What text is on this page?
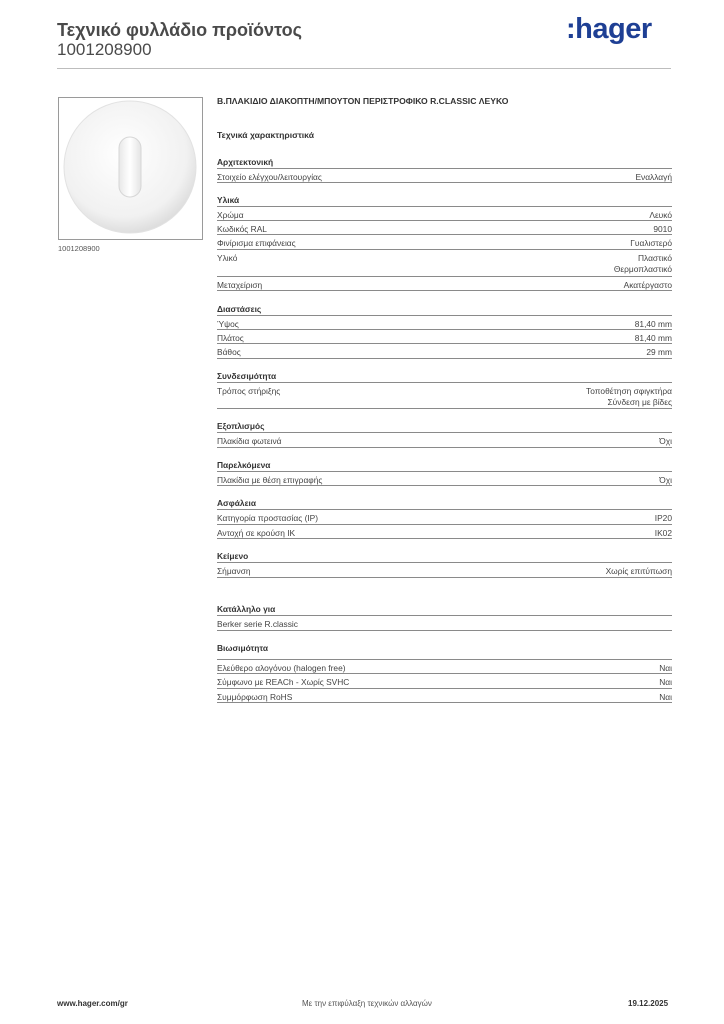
Τεχνικό φυλλάδιο προϊόντος
1001208900
:hager
1001208900
Β.ΠΛΑΚΙΔΙΟ ΔΙΑΚΟΠΤΗ/ΜΠΟΥΤΟΝ ΠΕΡΙΣΤΡΟΦΙΚΟ R.CLASSIC ΛΕΥΚΟ
Τεχνικά χαρακτηριστικά
Αρχιτεκτονική
Στοιχείο ελέγχου/λειτουργίας	Εναλλαγή
Υλικά
Χρώμα	Λευκό
Κωδικός RAL	9010
Φινίρισμα επιφάνειας	Γυαλιστερό
Υλικό	Πλαστικό
Θερμοπλαστικό
Μεταχείριση	Ακατέργαστο
Διαστάσεις
Ύψος	81,40 mm
Πλάτος	81,40 mm
Βάθος	29 mm
Συνδεσιμότητα
Τρόπος στήριξης	Τοποθέτηση σφιγκτήρα
Σύνδεση με βίδες
Εξοπλισμός
Πλακίδια φωτεινά	Όχι
Παρελκόμενα
Πλακίδια με θέση επιγραφής	Όχι
Ασφάλεια
Κατηγορία προστασίας (IP)	IP20
Αντοχή σε κρούση IK	IK02
Κείμενο
Σήμανση	Χωρίς επιτύπωση
Κατάλληλο για
Berker serie R.classic
Βιωσιμότητα
Ελεύθερο αλογόνου (halogen free)	Ναι
Σύμφωνο με REACh - Χωρίς SVHC	Ναι
Συμμόρφωση RoHS	Ναι
www.hager.com/gr	Με την επιφύλαξη τεχνικών αλλαγών	19.12.2025
